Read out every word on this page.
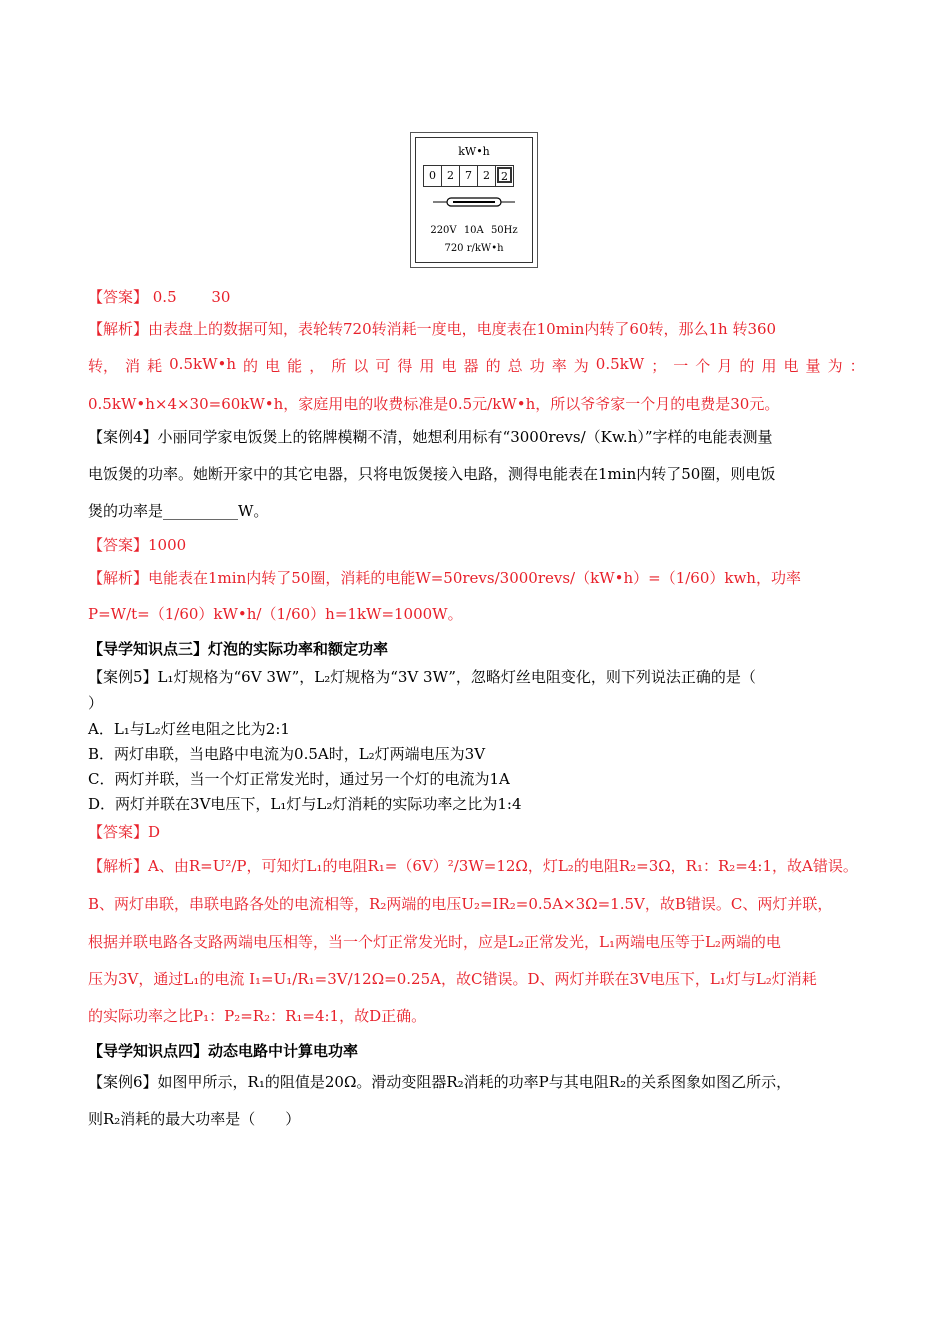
kW•h
0	2	7	2	2
220V 10A 50Hz
720 r/kW•h
【答案】 0.5　　 30
【解析】由表盘上的数据可知，表轮转720转消耗一度电，电度表在10min内转了60转，那么1h 转360
转， 消 耗 0.5kW•h 的 电 能 ， 所 以 可 得 用 电 器 的 总 功 率 为 0.5kW ； 一 个 月 的 用 电 量 为 ：
0.5kW•h×4×30=60kW•h，家庭用电的收费标准是0.5元/kW•h，所以爷爷家一个月的电费是30元。
【案例4】小丽同学家电饭煲上的铭牌模糊不清，她想利用标有“3000revs/（Kw.h）”字样的电能表测量
电饭煲的功率。她断开家中的其它电器，只将电饭煲接入电路，测得电能表在1min内转了50圈，则电饭
煲的功率是__________W。
【答案】1000
【解析】电能表在1min内转了50圈，消耗的电能W=50revs/3000revs/（kW•h）=（1/60）kwh，功率
P=W/t=（1/60）kW•h/（1/60）h=1kW=1000W。
【导学知识点三】灯泡的实际功率和额定功率
【案例5】L₁灯规格为“6V 3W”，L₂灯规格为“3V 3W”，忽略灯丝电阻变化，则下列说法正确的是（
）
A．L₁与L₂灯丝电阻之比为2:1
B．两灯串联，当电路中电流为0.5A时，L₂灯两端电压为3V
C．两灯并联，当一个灯正常发光时，通过另一个灯的电流为1A
D．两灯并联在3V电压下，L₁灯与L₂灯消耗的实际功率之比为1:4
【答案】D
【解析】A、由R=U²/P，可知灯L₁的电阻R₁=（6V）²/3W=12Ω，灯L₂的电阻R₂=3Ω，R₁：R₂=4:1，故A错误。
B、两灯串联，串联电路各处的电流相等，R₂两端的电压U₂=IR₂=0.5A×3Ω=1.5V，故B错误。C、两灯并联，
根据并联电路各支路两端电压相等，当一个灯正常发光时，应是L₂正常发光，L₁两端电压等于L₂两端的电
压为3V，通过L₁的电流 I₁=U₁/R₁=3V/12Ω=0.25A，故C错误。D、两灯并联在3V电压下，L₁灯与L₂灯消耗
的实际功率之比P₁：P₂=R₂：R₁=4:1，故D正确。
【导学知识点四】动态电路中计算电功率
【案例6】如图甲所示，R₁的阻值是20Ω。滑动变阻器R₂消耗的功率P与其电阻R₂的关系图象如图乙所示，
则R₂消耗的最大功率是（　　）
